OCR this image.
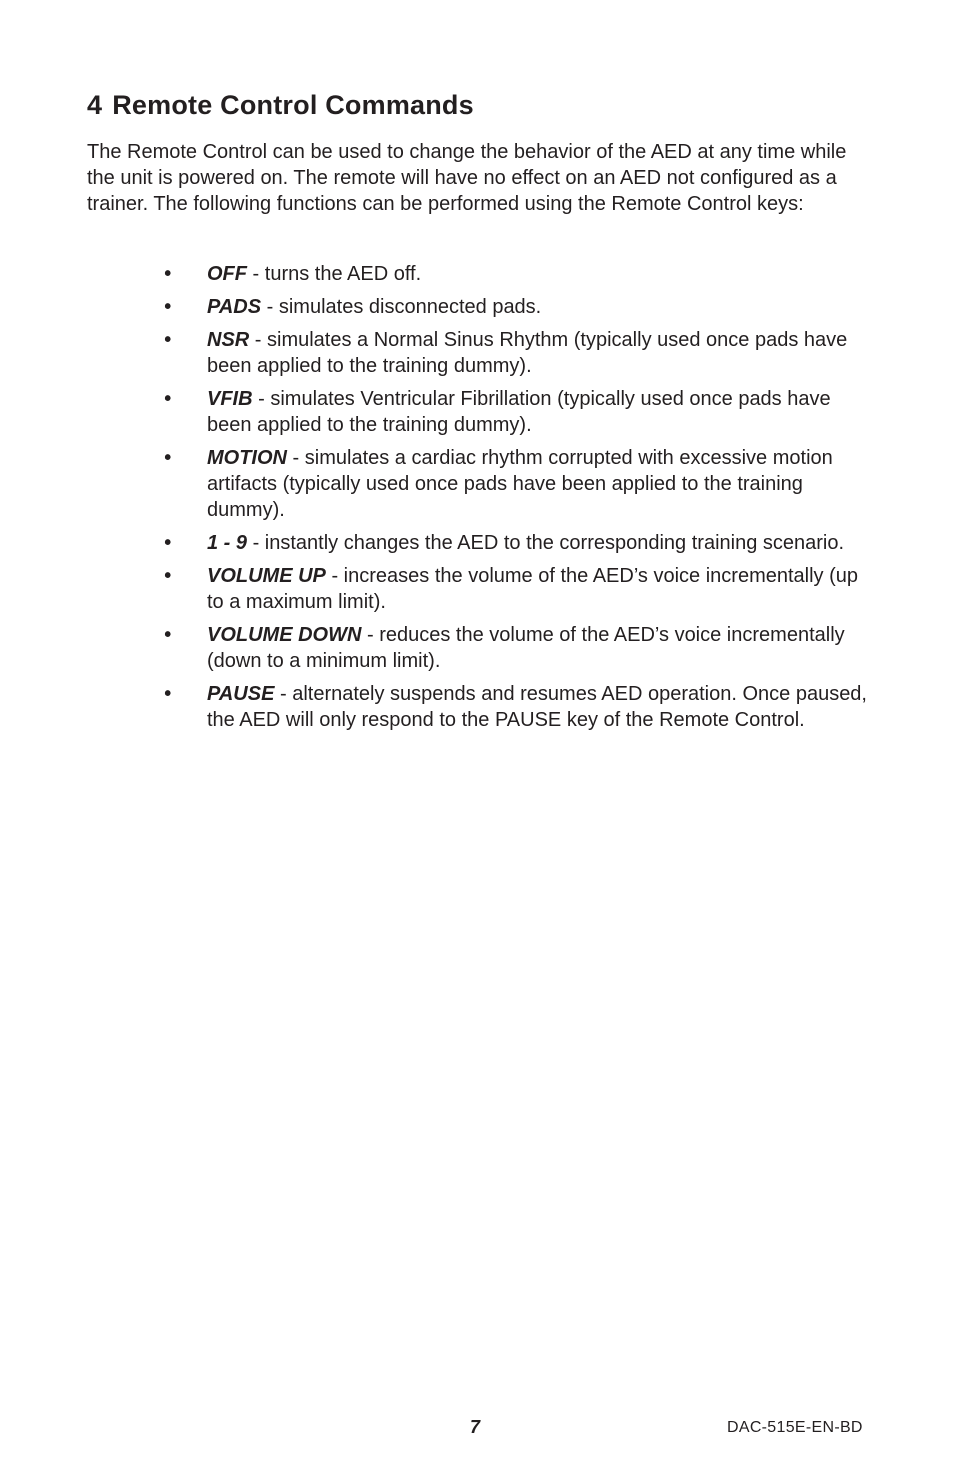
4 Remote Control Commands

The Remote Control can be used to change the behavior of the AED at any time while the unit is powered on. The remote will have no effect on an AED not configured as a trainer. The following functions can be performed using the Remote Control keys:

• OFF - turns the AED off.
• PADS - simulates disconnected pads.
• NSR - simulates a Normal Sinus Rhythm (typically used once pads have been applied to the training dummy).
• VFIB - simulates Ventricular Fibrillation (typically used once pads have been applied to the training dummy).
• MOTION - simulates a cardiac rhythm corrupted with excessive motion artifacts (typically used once pads have been applied to the training dummy).
• 1 - 9 - instantly changes the AED to the corresponding training scenario.
• VOLUME UP - increases the volume of the AED’s voice incrementally (up to a maximum limit).
• VOLUME DOWN - reduces the volume of the AED’s voice incrementally (down to a minimum limit).
• PAUSE - alternately suspends and resumes AED operation. Once paused, the AED will only respond to the PAUSE key of the Remote Control.
7	DAC-515E-EN-BD
